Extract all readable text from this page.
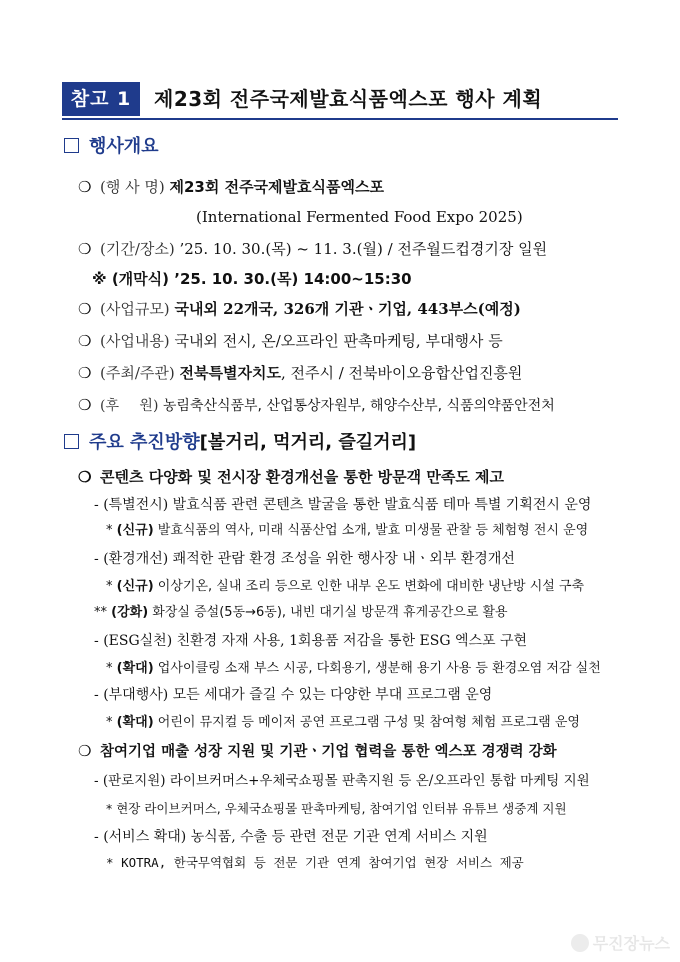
참고 1	제23회 전주국제발효식품엑스포 행사 계획
행사개요
❍ (행 사 명) 제23회 전주국제발효식품엑스포
(International Fermented Food Expo 2025)
❍ (기간/장소) ’25. 10. 30.(목) ~ 11. 3.(월) / 전주월드컵경기장 일원
※ (개막식) ’25. 10. 30.(목) 14:00~15:30
❍ (사업규모) 국내외 22개국, 326개 기관ㆍ기업, 443부스(예정)
❍ (사업내용) 국내외 전시, 온/오프라인 판촉마케팅, 부대행사 등
❍ (주최/주관) 전북특별자치도, 전주시 / 전북바이오융합산업진흥원
❍ (후 원) 농림축산식품부, 산업통상자원부, 해양수산부, 식품의약품안전처
주요 추진방향[볼거리, 먹거리, 즐길거리]
❍ 콘텐츠 다양화 및 전시장 환경개선을 통한 방문객 만족도 제고
- (특별전시) 발효식품 관련 콘텐츠 발굴을 통한 발효식품 테마 특별 기획전시 운영
* (신규) 발효식품의 역사, 미래 식품산업 소개, 발효 미생물 관찰 등 체험형 전시 운영
- (환경개선) 쾌적한 관람 환경 조성을 위한 행사장 내ㆍ외부 환경개선
* (신규) 이상기온, 실내 조리 등으로 인한 내부 온도 변화에 대비한 냉난방 시설 구축
** (강화) 화장실 증설(5동→6동), 내빈 대기실 방문객 휴게공간으로 활용
- (ESG실천) 친환경 자재 사용, 1회용품 저감을 통한 ESG 엑스포 구현
* (확대) 업사이클링 소재 부스 시공, 다회용기, 생분해 용기 사용 등 환경오염 저감 실천
- (부대행사) 모든 세대가 즐길 수 있는 다양한 부대 프로그램 운영
* (확대) 어린이 뮤지컬 등 메이저 공연 프로그램 구성 및 참여형 체험 프로그램 운영
❍ 참여기업 매출 성장 지원 및 기관ㆍ기업 협력을 통한 엑스포 경쟁력 강화
- (판로지원) 라이브커머스+우체국쇼핑몰 판촉지원 등 온/오프라인 통합 마케팅 지원
* 현장 라이브커머스, 우체국쇼핑몰 판촉마케팅, 참여기업 인터뷰 유튜브 생중계 지원
- (서비스 확대) 농식품, 수출 등 관련 전문 기관 연계 서비스 지원
* KOTRA, 한국무역협회 등 전문 기관 연계 참여기업 현장 서비스 제공
무진장뉴스
